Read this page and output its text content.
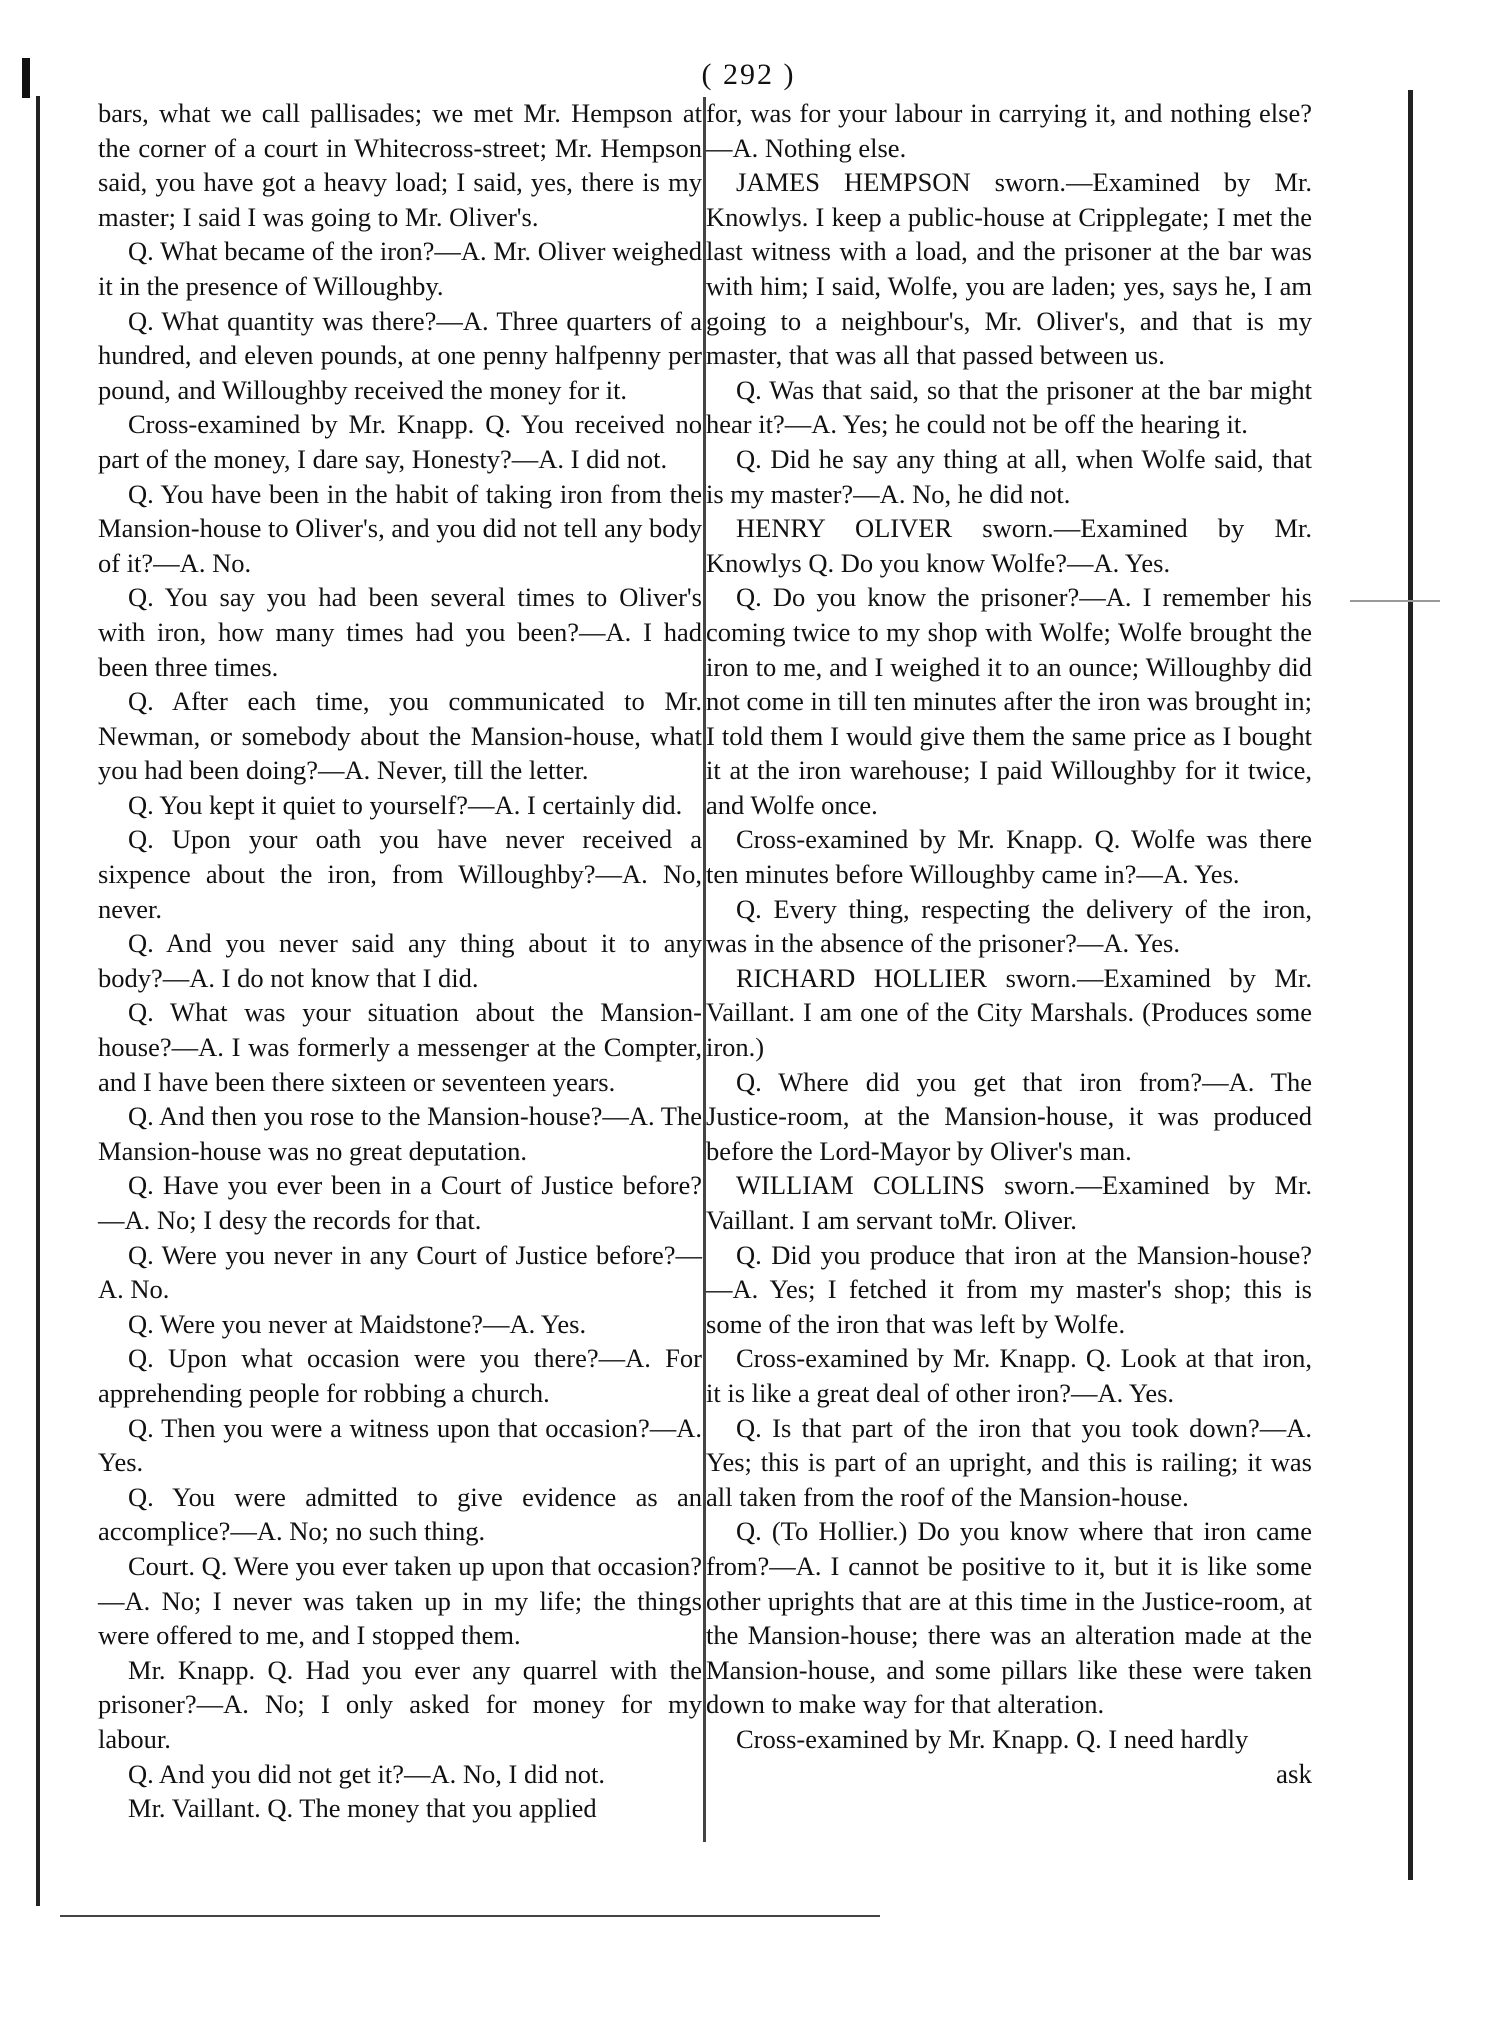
( 292 )

bars, what we call pallisades; we met Mr. Hempson at the corner of a court in Whitecross-street; Mr. Hempson said, you have got a heavy load; I said, yes, there is my master; I said I was going to Mr. Oliver's.

Q. What became of the iron?—A. Mr. Oliver weighed it in the presence of Willoughby.

Q. What quantity was there?—A. Three quarters of a hundred, and eleven pounds, at one penny halfpenny per pound, and Willoughby received the money for it.

Cross-examined by Mr. Knapp. Q. You received no part of the money, I dare say, Honesty?—A. I did not.

Q. You have been in the habit of taking iron from the Mansion-house to Oliver's, and you did not tell any body of it?—A. No.

Q. You say you had been several times to Oliver's with iron, how many times had you been?—A. I had been three times.

Q. After each time, you communicated to Mr. Newman, or somebody about the Mansion-house, what you had been doing?—A. Never, till the letter.

Q. You kept it quiet to yourself?—A. I certainly did.

Q. Upon your oath you have never received a sixpence about the iron, from Willoughby?—A. No, never.

Q. And you never said any thing about it to any body?—A. I do not know that I did.

Q. What was your situation about the Mansion-house?—A. I was formerly a messenger at the Compter, and I have been there sixteen or seventeen years.

Q. And then you rose to the Mansion-house?—A. The Mansion-house was no great deputation.

Q. Have you ever been in a Court of Justice before?—A. No; I desy the records for that.

Q. Were you never in any Court of Justice before?—A. No.

Q. Were you never at Maidstone?—A. Yes.

Q. Upon what occasion were you there?—A. For apprehending people for robbing a church.

Q. Then you were a witness upon that occasion?—A. Yes.

Q. You were admitted to give evidence as an accomplice?—A. No; no such thing.

Court. Q. Were you ever taken up upon that occasion?—A. No; I never was taken up in my life; the things were offered to me, and I stopped them.

Mr. Knapp. Q. Had you ever any quarrel with the prisoner?—A. No; I only asked for money for my labour.

Q. And you did not get it?—A. No, I did not.

Mr. Vaillant. Q. The money that you applied

for, was for your labour in carrying it, and nothing else?—A. Nothing else.

JAMES HEMPSON sworn.—Examined by Mr. Knowlys. I keep a public-house at Cripplegate; I met the last witness with a load, and the prisoner at the bar was with him; I said, Wolfe, you are laden; yes, says he, I am going to a neighbour's, Mr. Oliver's, and that is my master, that was all that passed between us.

Q. Was that said, so that the prisoner at the bar might hear it?—A. Yes; he could not be off the hearing it.

Q. Did he say any thing at all, when Wolfe said, that is my master?—A. No, he did not.

HENRY OLIVER sworn.—Examined by Mr. Knowlys Q. Do you know Wolfe?—A. Yes.

Q. Do you know the prisoner?—A. I remember his coming twice to my shop with Wolfe; Wolfe brought the iron to me, and I weighed it to an ounce; Willoughby did not come in till ten minutes after the iron was brought in; I told them I would give them the same price as I bought it at the iron warehouse; I paid Willoughby for it twice, and Wolfe once.

Cross-examined by Mr. Knapp. Q. Wolfe was there ten minutes before Willoughby came in?—A. Yes.

Q. Every thing, respecting the delivery of the iron, was in the absence of the prisoner?—A. Yes.

RICHARD HOLLIER sworn.—Examined by Mr. Vaillant. I am one of the City Marshals. (Produces some iron.)

Q. Where did you get that iron from?—A. The Justice-room, at the Mansion-house, it was produced before the Lord-Mayor by Oliver's man.

WILLIAM COLLINS sworn.—Examined by Mr. Vaillant. I am servant toMr. Oliver.

Q. Did you produce that iron at the Mansion-house?—A. Yes; I fetched it from my master's shop; this is some of the iron that was left by Wolfe.

Cross-examined by Mr. Knapp. Q. Look at that iron, it is like a great deal of other iron?—A. Yes.

Q. Is that part of the iron that you took down?—A. Yes; this is part of an upright, and this is railing; it was all taken from the roof of the Mansion-house.

Q. (To Hollier.) Do you know where that iron came from?—A. I cannot be positive to it, but it is like some other uprights that are at this time in the Justice-room, at the Mansion-house; there was an alteration made at the Mansion-house, and some pillars like these were taken down to make way for that alteration.

Cross-examined by Mr. Knapp. Q. I need hardly

ask
